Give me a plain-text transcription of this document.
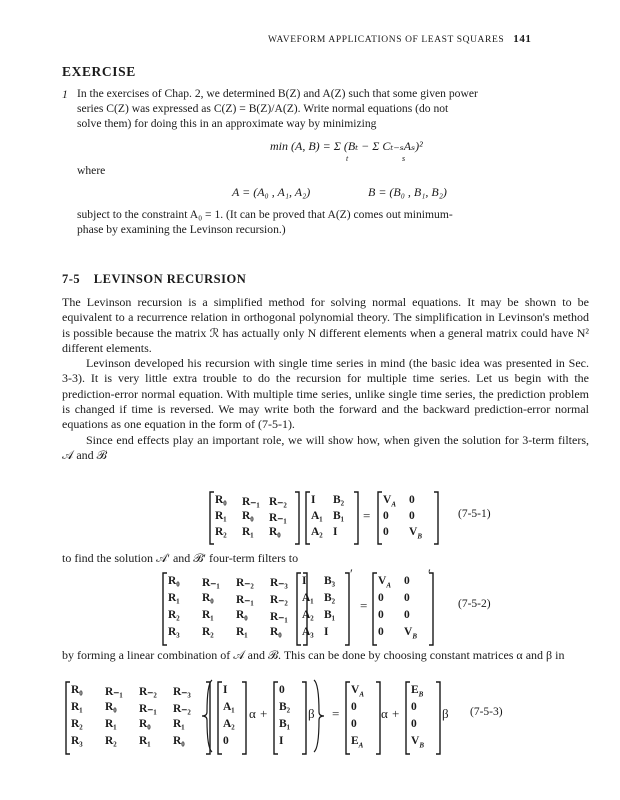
WAVEFORM APPLICATIONS OF LEAST SQUARES 141
EXERCISE
1 In the exercises of Chap. 2, we determined B(Z) and A(Z) such that some given power
series C(Z) was expressed as C(Z) = B(Z)/A(Z). Write normal equations (do not
solve them) for doing this in an approximate way by minimizing
min (A, B) = Σ (Bₜ − Σ Cₜ₋ₛAₛ)²
t	s
where
A = (A₀ , A₁, A₂)	B = (B₀ , B₁, B₂)
subject to the constraint A₀ = 1. (It can be proved that A(Z) comes out minimum-
phase by examining the Levinson recursion.)
7-5 LEVINSON RECURSION

The Levinson recursion is a simplified method for solving normal equations. It may be shown to be equivalent to a recurrence relation in orthogonal polynomial theory. The simplification in Levinson's method is possible because the matrix ℛ has actually only N different elements when a general matrix could have N² different elements.

Levinson developed his recursion with single time series in mind (the basic idea was presented in Sec. 3-3). It is very little extra trouble to do the recursion for multiple time series. Let us begin with the prediction-error normal equation. With multiple time series, unlike single time series, the prediction problem is changed if time is reversed. We may write both the forward and the backward prediction-error normal equations as one equation in the form of (7-5-1).

Since end effects play an important role, we will show how, when given the solution for 3-term filters, 𝒜 and ℬ

to find the solution 𝒜′ and ℬ′ four-term filters to
by forming a linear combination of 𝒜 and ℬ. This can be done by choosing constant matrices α and β in
R₀ R₋₁ R₋₂
R₁ R₀ R₋₁
R₂ R₁ R₀
I B₂
A₁ B₁
A₂ I
=
$V_A$ 0
0 0
0 $V_B$
(7-5-1)
R₀ R₋₁ R₋₂ R₋₃
R₁ R₀ R₋₁ R₋₂
R₂ R₁ R₀ R₋₁
R₃ R₂ R₁ R₀
I B₃
A₁ B₂
A₂ B₁
A₃ I
′
=
$V_A$ 0
0 0
0 0
0 $V_B$
′
(7-5-2)
R₀ R₋₁ R₋₂ R₋₃
R₁ R₀ R₋₁ R₋₂
R₂ R₁ R₀ R₁
R₃ R₂ R₁ R₀
I
A₁
A₂
0
α +
0
B₂
B₁
I
β =
$V_A$
0
0
$E_A$
α +
$E_B$
0
0
$V_B$
β (7-5-3)
